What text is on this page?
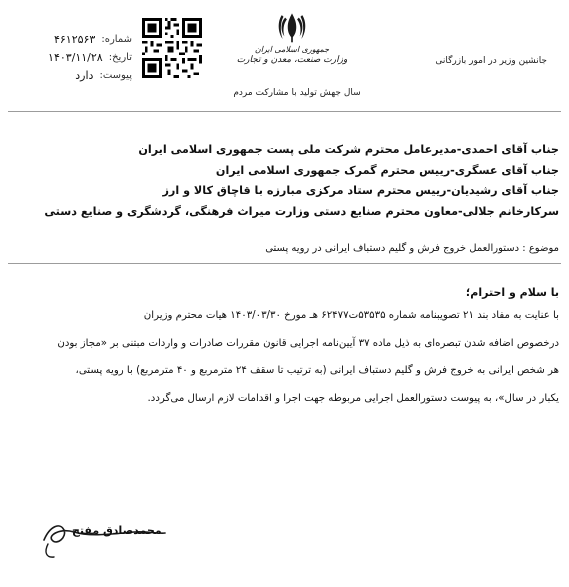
شماره:
۴۶۱۲۵۶۳
تاریخ:
۱۴۰۳/۱۱/۲۸
پیوست:
دارد
جمهوری اسلامی ایران
وزارت صنعت، معدن و تجارت
سال جهش تولید با مشارکت مردم
جانشین وزیر در امور بازرگانی
جناب آقای احمدی-مدیرعامل محترم شرکت ملی پست جمهوری اسلامی ایران
جناب آقای عسگری-رییس محترم گمرک جمهوری اسلامی ایران
جناب آقای رشیدیان-رییس محترم ستاد مرکزی مبارزه با قاچاق کالا و ارز
سرکارخانم جلالی-معاون محترم صنایع دستی وزارت میراث فرهنگی، گردشگری و صنایع دستی
موضوع : دستورالعمل خروج فرش و گلیم دستباف ایرانی در رویه پستی
با سلام و احترام؛

با عنایت به مفاد بند ۲۱ تصویبنامه شماره ۵۳۵۳۵ت۶۲۴۷۷ هـ مورخ ۱۴۰۳/۰۳/۳۰ هیات محترم وزیران

درخصوص اضافه شدن تبصره‌ای به ذیل ماده ۳۷ آیین‌نامه اجرایی قانون مقررات صادرات و واردات مبتنی بر «مجاز بودن

هر شخص ایرانی به خروج فرش و گلیم دستباف ایرانی (به ترتیب تا سقف ۲۴ مترمربع و ۴۰ مترمربع) با رویه پستی،

یکبار در سال»، به پیوست دستورالعمل اجرایی مربوطه جهت اجرا و اقدامات لازم ارسال می‌گردد.

محمدصادق مفتح
